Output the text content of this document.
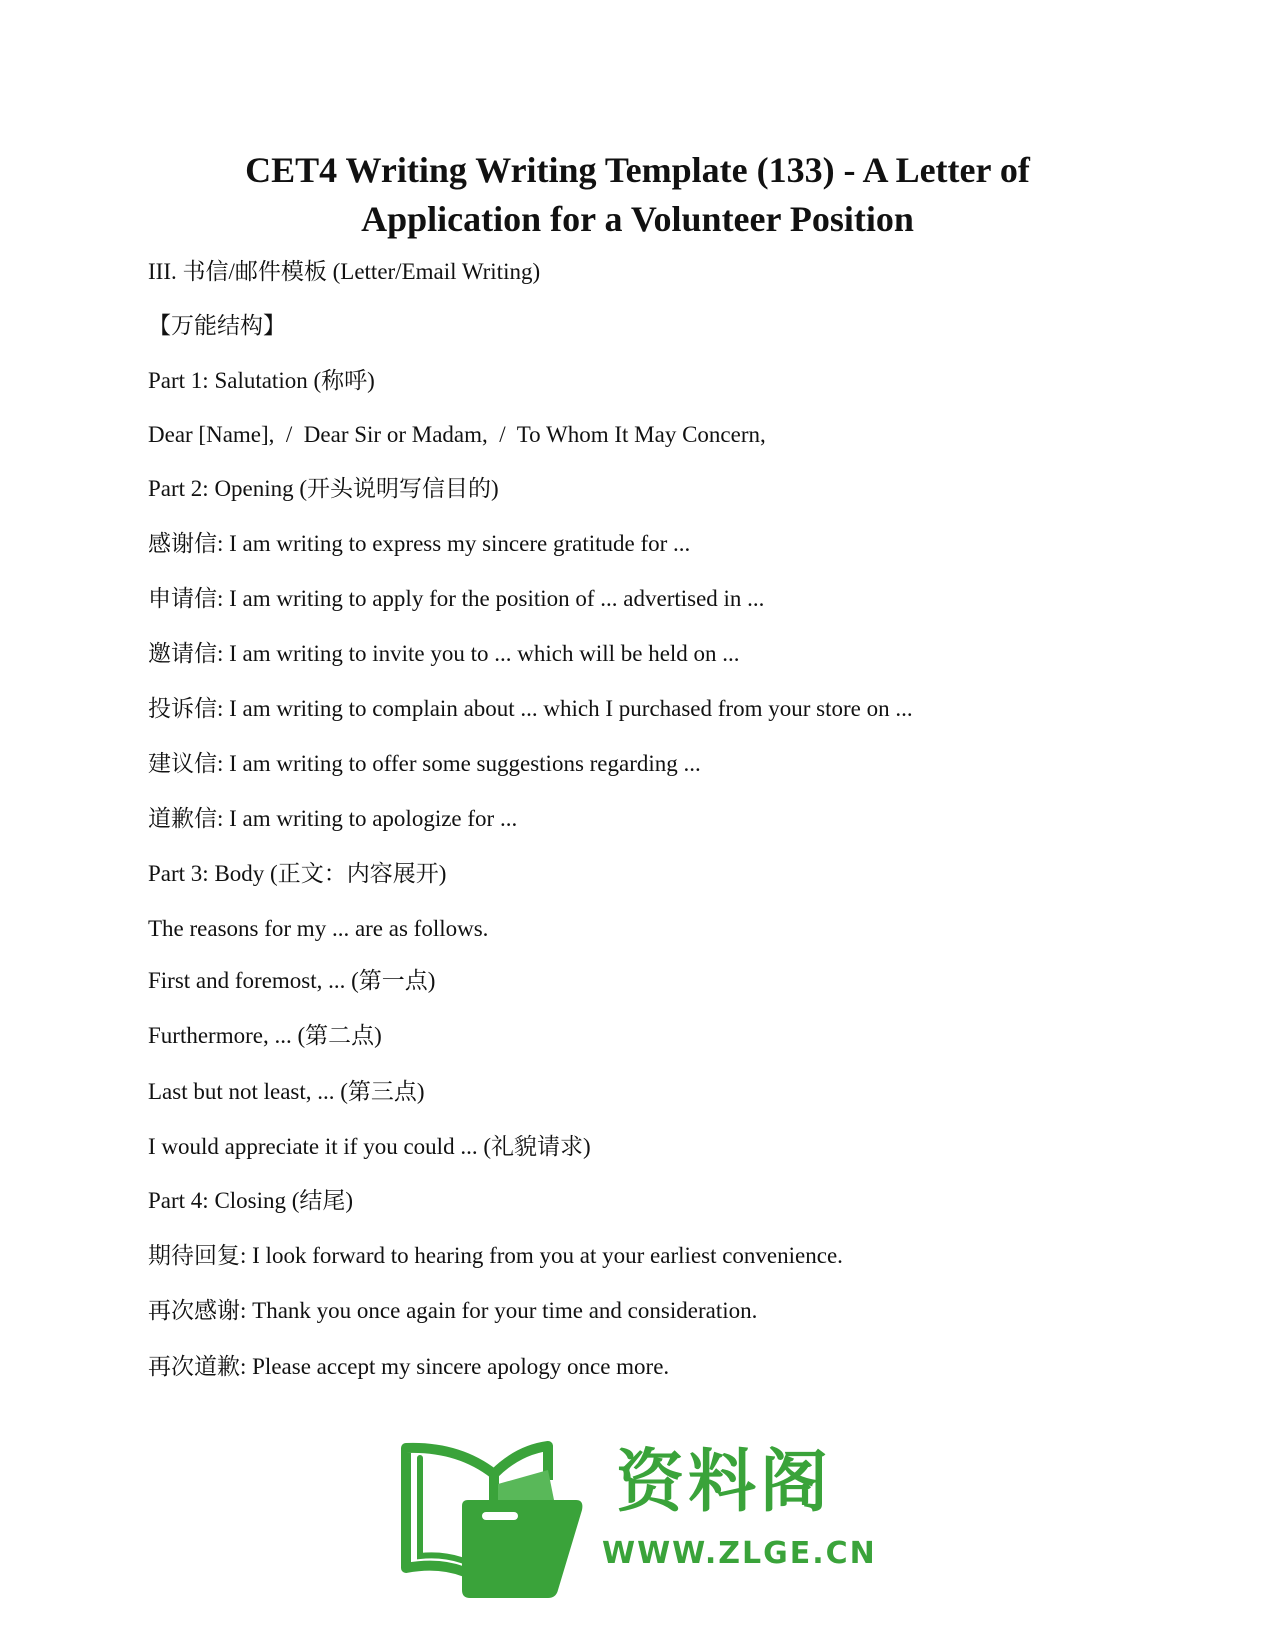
CET4 Writing Writing Template (133) - A Letter of
Application for a Volunteer Position
III. 书信/邮件模板 (Letter/Email Writing)
【万能结构】
Part 1: Salutation (称呼)
Dear [Name],  /  Dear Sir or Madam,  /  To Whom It May Concern,
Part 2: Opening (开头说明写信目的)
感谢信: I am writing to express my sincere gratitude for ...
申请信: I am writing to apply for the position of ... advertised in ...
邀请信: I am writing to invite you to ... which will be held on ...
投诉信: I am writing to complain about ... which I purchased from your store on ...
建议信: I am writing to offer some suggestions regarding ...
道歉信: I am writing to apologize for ...
Part 3: Body (正文：内容展开)
The reasons for my ... are as follows.
First and foremost, ... (第一点)
Furthermore, ... (第二点)
Last but not least, ... (第三点)
I would appreciate it if you could ... (礼貌请求)
Part 4: Closing (结尾)
期待回复: I look forward to hearing from you at your earliest convenience.
再次感谢: Thank you once again for your time and consideration.
再次道歉: Please accept my sincere apology once more.
资料阁
WWW.ZLGE.CN
